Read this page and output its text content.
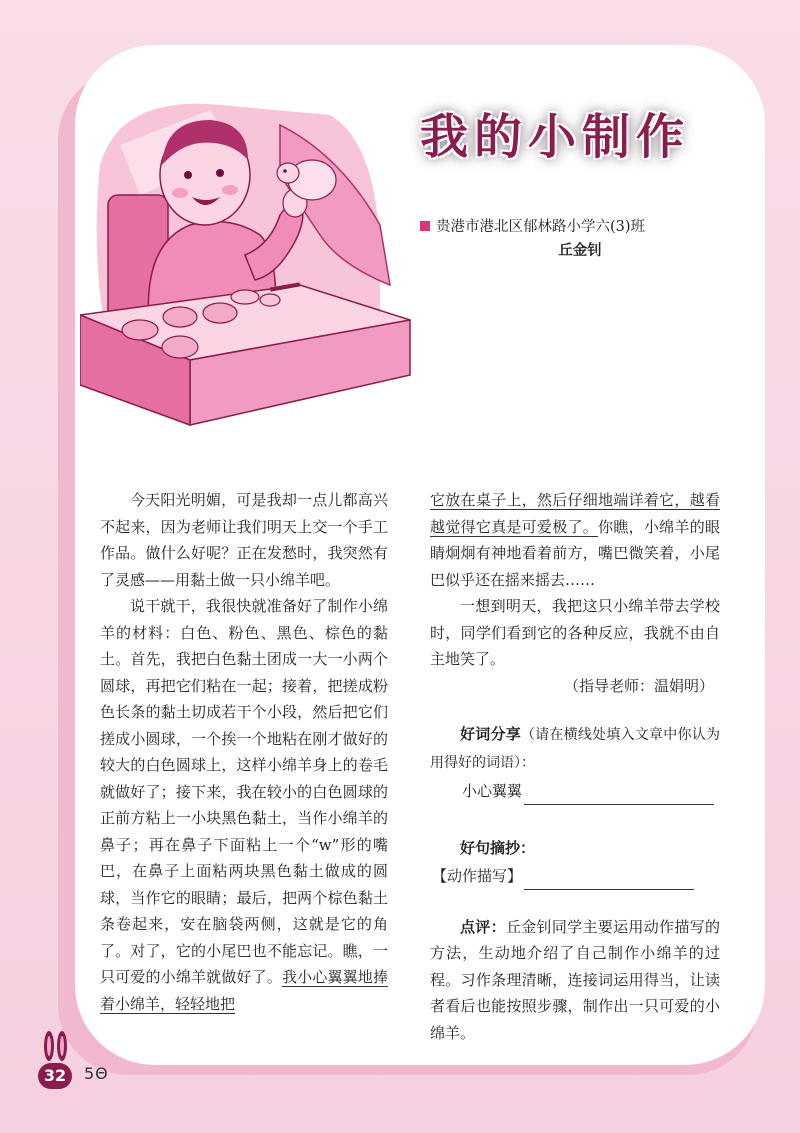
我的小制作
贵港市港北区郁林路小学六(3)班
丘金钊

今天阳光明媚，可是我却一点儿都高兴不起来，因为老师让我们明天上交一个手工作品。做什么好呢？正在发愁时，我突然有了灵感——用黏土做一只小绵羊吧。

说干就干，我很快就准备好了制作小绵羊的材料：白色、粉色、黑色、棕色的黏土。首先，我把白色黏土团成一大一小两个圆球，再把它们粘在一起；接着，把搓成粉色长条的黏土切成若干个小段，然后把它们搓成小圆球，一个挨一个地粘在刚才做好的较大的白色圆球上，这样小绵羊身上的卷毛就做好了；接下来，我在较小的白色圆球的正前方粘上一小块黑色黏土，当作小绵羊的鼻子；再在鼻子下面粘上一个“w”形的嘴巴，在鼻子上面粘两块黑色黏土做成的圆球，当作它的眼睛；最后，把两个棕色黏土条卷起来，安在脑袋两侧，这就是它的角了。对了，它的小尾巴也不能忘记。瞧，一只可爱的小绵羊就做好了。我小心翼翼地捧着小绵羊，轻轻地把

它放在桌子上，然后仔细地端详着它，越看越觉得它真是可爱极了。你瞧，小绵羊的眼睛炯炯有神地看着前方，嘴巴微笑着，小尾巴似乎还在摇来摇去……

一想到明天，我把这只小绵羊带去学校时，同学们看到它的各种反应，我就不由自主地笑了。

（指导老师：温娟明）

好词分享（请在横线处填入文章中你认为用得好的词语）：

小心翼翼

好句摘抄：

【动作描写】

点评：丘金钊同学主要运用动作描写的方法，生动地介绍了自己制作小绵羊的过程。习作条理清晰，连接词运用得当，让读者看后也能按照步骤，制作出一只可爱的小绵羊。

32	5Θ
